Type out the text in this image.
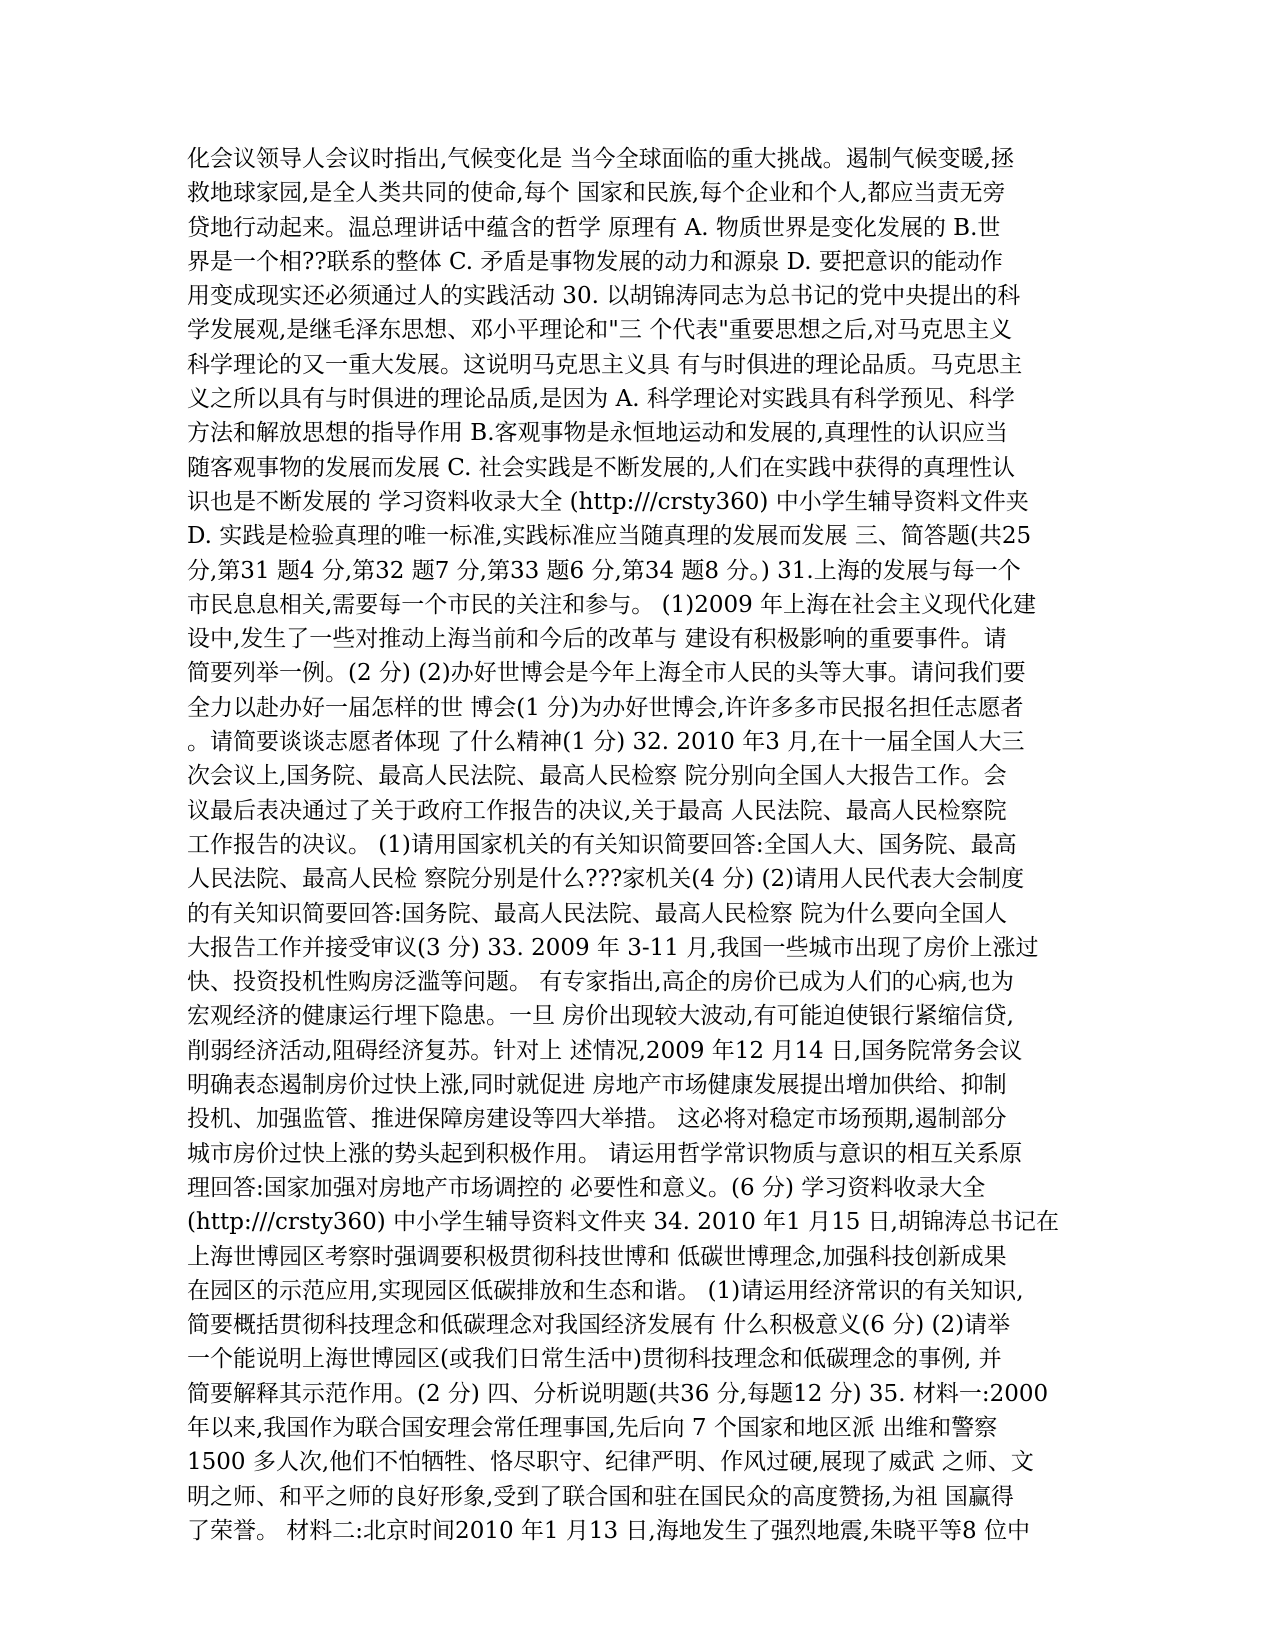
化会议领导人会议时指出,气候变化是 当今全球面临的重大挑战。遏制气候变暖,拯
救地球家园,是全人类共同的使命,每个 国家和民族,每个企业和个人,都应当责无旁
贷地行动起来。温总理讲话中蕴含的哲学 原理有 A. 物质世界是变化发展的 B.世
界是一个相??联系的整体 C. 矛盾是事物发展的动力和源泉 D. 要把意识的能动作
用变成现实还必须通过人的实践活动 30. 以胡锦涛同志为总书记的党中央提出的科
学发展观,是继毛泽东思想、邓小平理论和"三 个代表"重要思想之后,对马克思主义
科学理论的又一重大发展。这说明马克思主义具 有与时俱进的理论品质。马克思主
义之所以具有与时俱进的理论品质,是因为 A. 科学理论对实践具有科学预见、科学
方法和解放思想的指导作用 B.客观事物是永恒地运动和发展的,真理性的认识应当
随客观事物的发展而发展 C. 社会实践是不断发展的,人们在实践中获得的真理性认
识也是不断发展的 学习资料收录大全 (http:///crsty360) 中小学生辅导资料文件夹
D. 实践是检验真理的唯一标准,实践标准应当随真理的发展而发展 三、简答题(共25
分,第31 题4 分,第32 题7 分,第33 题6 分,第34 题8 分。) 31.上海的发展与每一个
市民息息相关,需要每一个市民的关注和参与。 (1)2009 年上海在社会主义现代化建
设中,发生了一些对推动上海当前和今后的改革与 建设有积极影响的重要事件。请
简要列举一例。(2 分) (2)办好世博会是今年上海全市人民的头等大事。请问我们要
全力以赴办好一届怎样的世 博会(1 分)为办好世博会,许许多多市民报名担任志愿者
。请简要谈谈志愿者体现 了什么精神(1 分) 32. 2010 年3 月,在十一届全国人大三
次会议上,国务院、最高人民法院、最高人民检察 院分别向全国人大报告工作。会
议最后表决通过了关于政府工作报告的决议,关于最高 人民法院、最高人民检察院
工作报告的决议。 (1)请用国家机关的有关知识简要回答:全国人大、国务院、最高
人民法院、最高人民检 察院分别是什么???家机关(4 分) (2)请用人民代表大会制度
的有关知识简要回答:国务院、最高人民法院、最高人民检察 院为什么要向全国人
大报告工作并接受审议(3 分) 33. 2009 年 3-11 月,我国一些城市出现了房价上涨过
快、投资投机性购房泛滥等问题。 有专家指出,高企的房价已成为人们的心病,也为
宏观经济的健康运行埋下隐患。一旦 房价出现较大波动,有可能迫使银行紧缩信贷,
削弱经济活动,阻碍经济复苏。针对上 述情况,2009 年12 月14 日,国务院常务会议
明确表态遏制房价过快上涨,同时就促进 房地产市场健康发展提出增加供给、抑制
投机、加强监管、推进保障房建设等四大举措。 这必将对稳定市场预期,遏制部分
城市房价过快上涨的势头起到积极作用。 请运用哲学常识物质与意识的相互关系原
理回答:国家加强对房地产市场调控的 必要性和意义。(6 分) 学习资料收录大全
(http:///crsty360) 中小学生辅导资料文件夹 34. 2010 年1 月15 日,胡锦涛总书记在
上海世博园区考察时强调要积极贯彻科技世博和 低碳世博理念,加强科技创新成果
在园区的示范应用,实现园区低碳排放和生态和谐。 (1)请运用经济常识的有关知识,
简要概括贯彻科技理念和低碳理念对我国经济发展有 什么积极意义(6 分) (2)请举
一个能说明上海世博园区(或我们日常生活中)贯彻科技理念和低碳理念的事例, 并
简要解释其示范作用。(2 分) 四、分析说明题(共36 分,每题12 分) 35. 材料一:2000
年以来,我国作为联合国安理会常任理事国,先后向 7 个国家和地区派 出维和警察
1500 多人次,他们不怕牺牲、恪尽职守、纪律严明、作风过硬,展现了威武 之师、文
明之师、和平之师的良好形象,受到了联合国和驻在国民众的高度赞扬,为祖 国赢得
了荣誉。 材料二:北京时间2010 年1 月13 日,海地发生了强烈地震,朱晓平等8 位中
